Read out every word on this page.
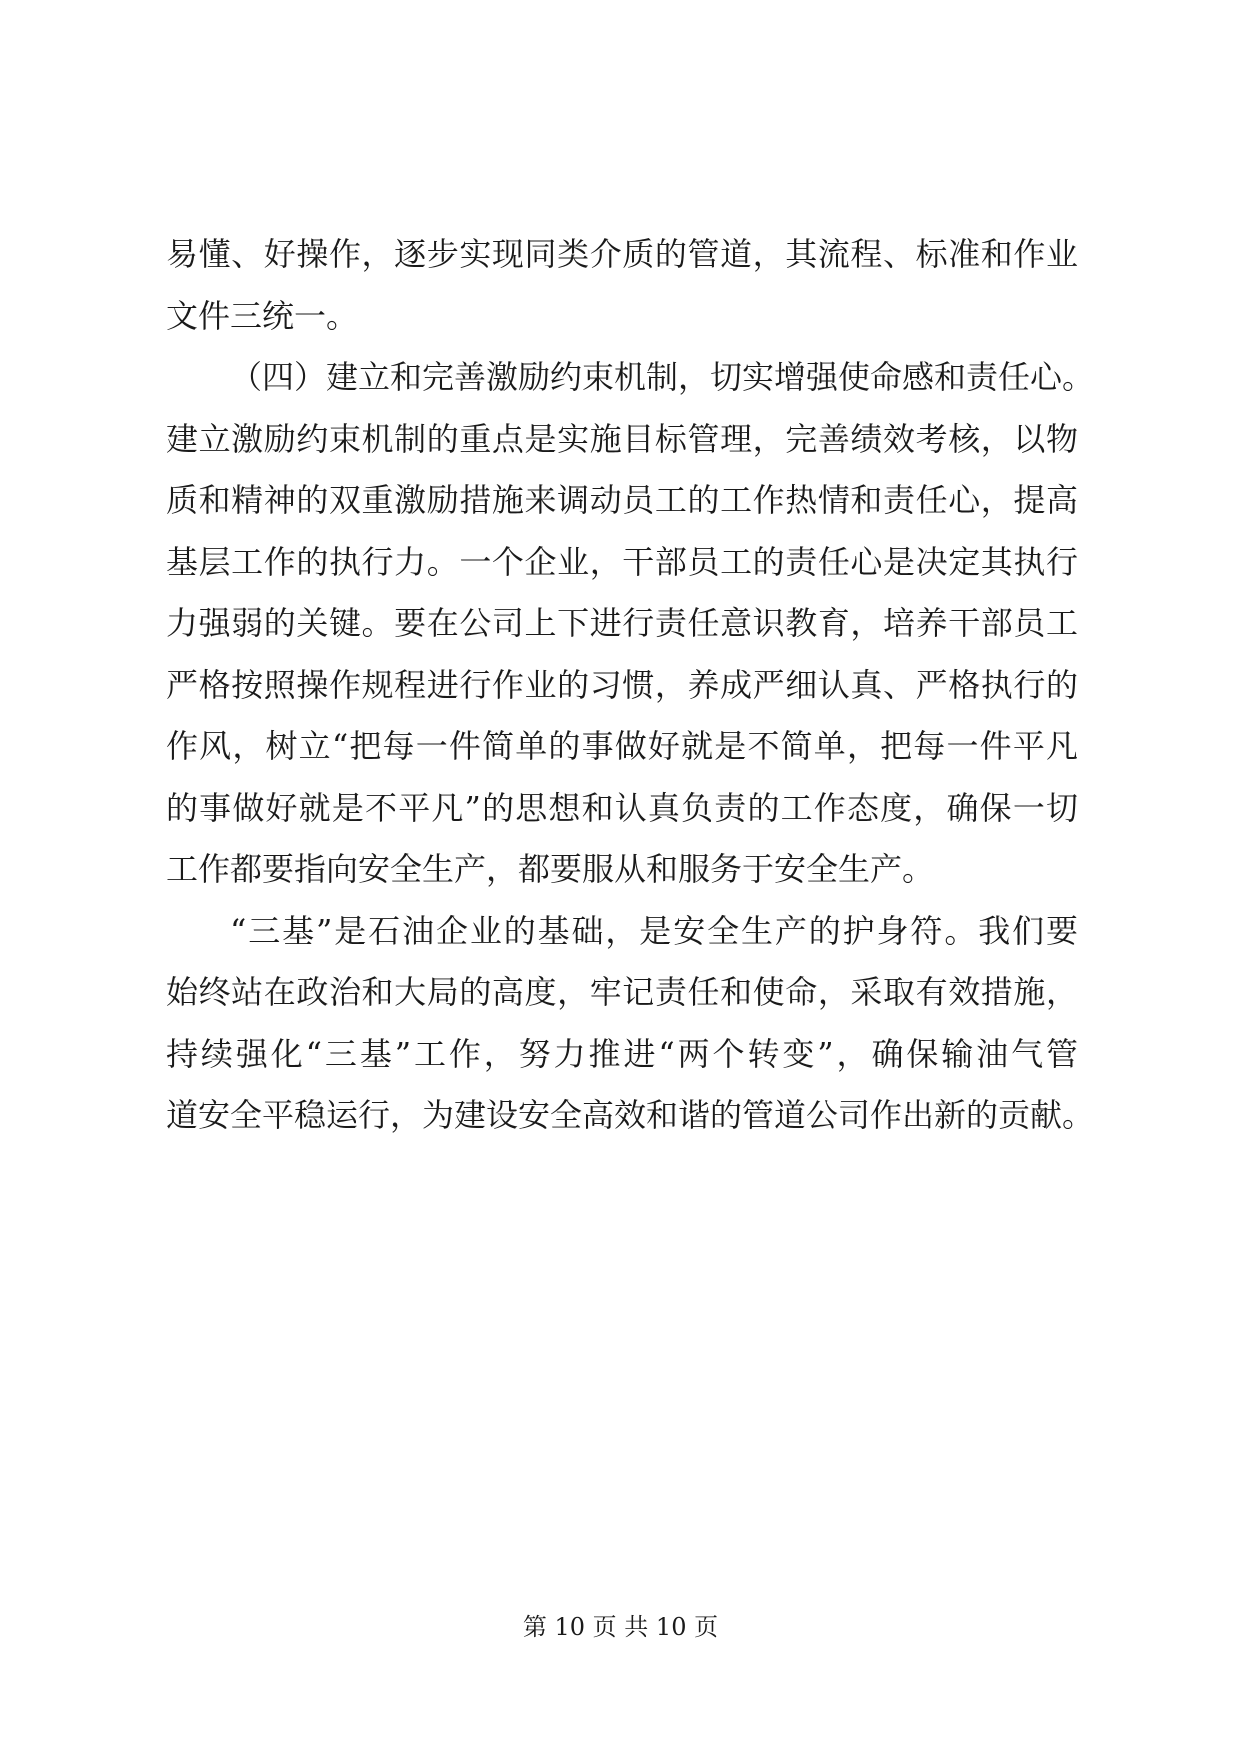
易懂、好操作，逐步实现同类介质的管道，其流程、标准和作业
文件三统一。
（四）建立和完善激励约束机制，切实增强使命感和责任心。
建立激励约束机制的重点是实施目标管理，完善绩效考核，以物
质和精神的双重激励措施来调动员工的工作热情和责任心，提高
基层工作的执行力。一个企业，干部员工的责任心是决定其执行
力强弱的关键。要在公司上下进行责任意识教育，培养干部员工
严格按照操作规程进行作业的习惯，养成严细认真、严格执行的
作风，树立“把每一件简单的事做好就是不简单，把每一件平凡
的事做好就是不平凡”的思想和认真负责的工作态度，确保一切
工作都要指向安全生产，都要服从和服务于安全生产。
“三基”是石油企业的基础，是安全生产的护身符。我们要
始终站在政治和大局的高度，牢记责任和使命，采取有效措施，
持续强化“三基”工作，努力推进“两个转变”，确保输油气管
道安全平稳运行，为建设安全高效和谐的管道公司作出新的贡献。
第 10 页 共 10 页
